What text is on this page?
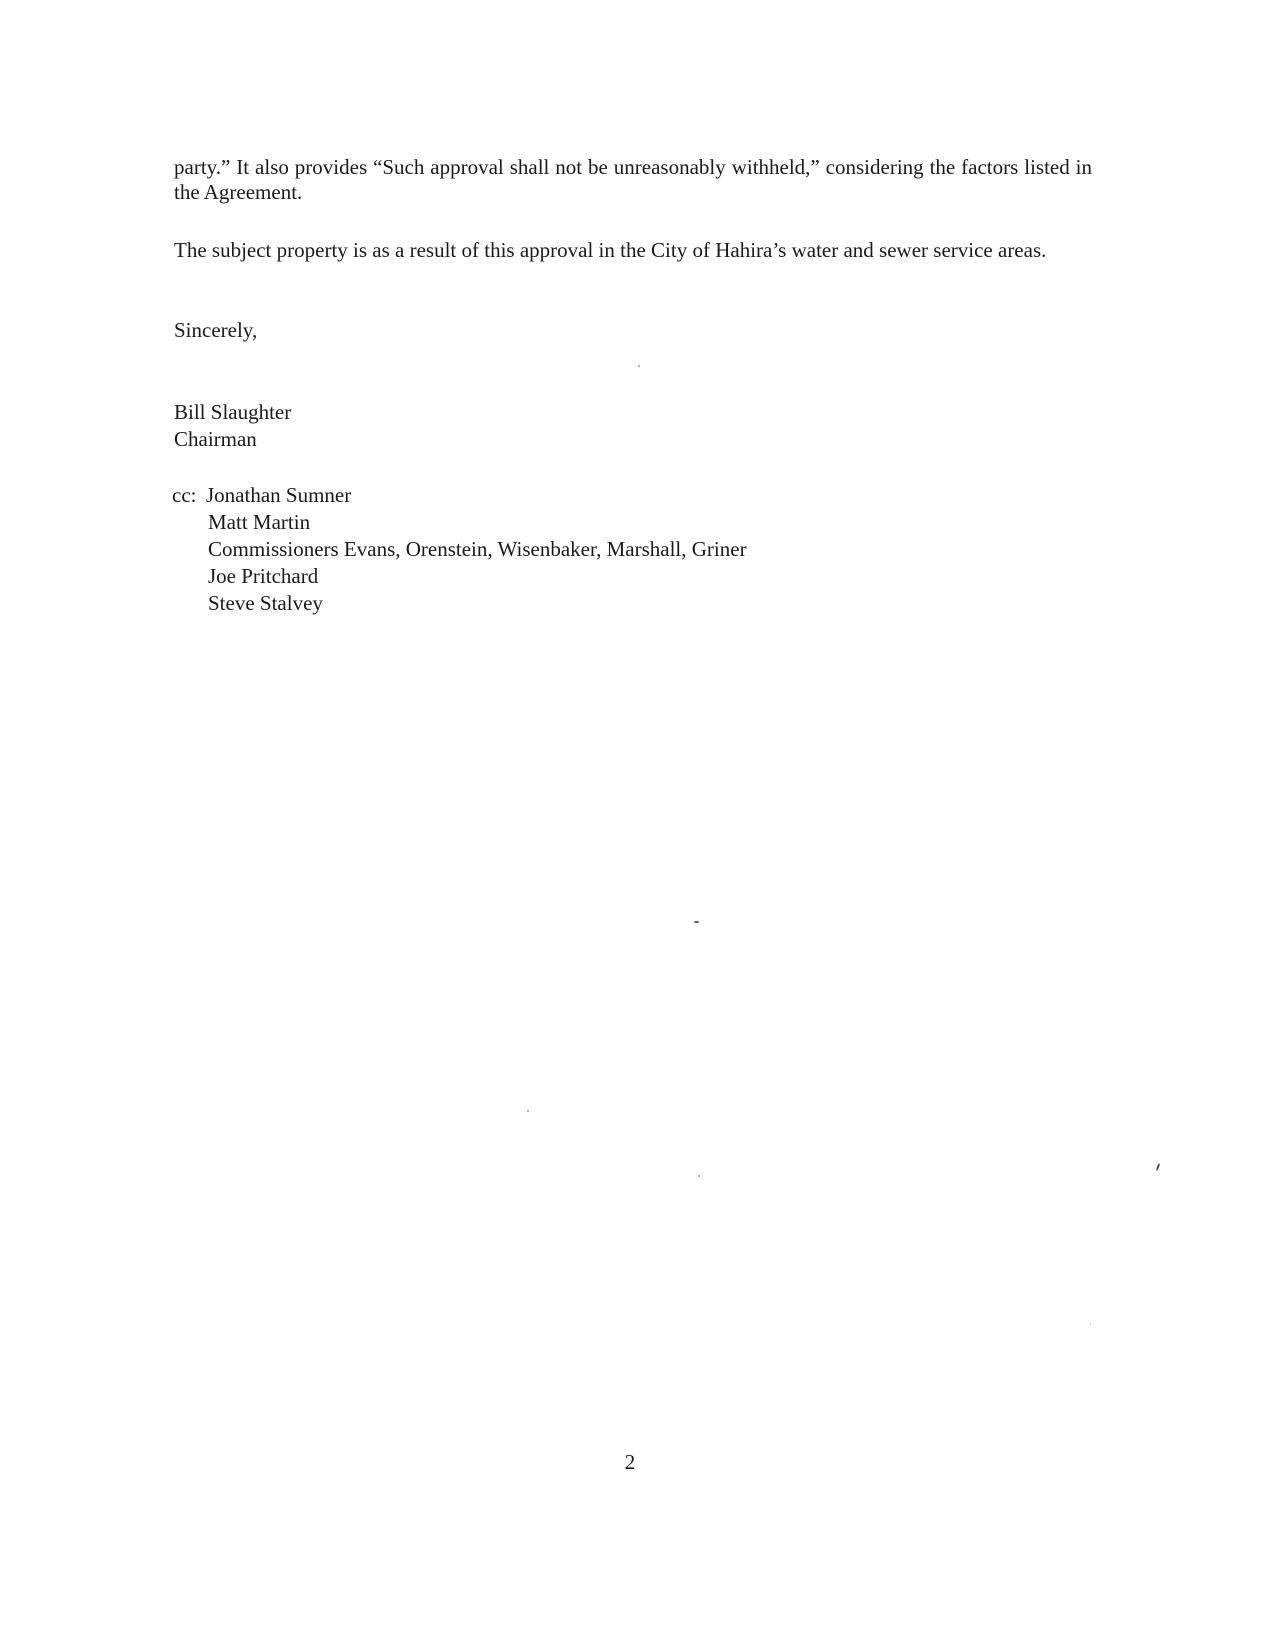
party.” It also provides “Such approval shall not be unreasonably withheld,” considering the factors listed in the Agreement.

The subject property is as a result of this approval in the City of Hahira’s water and sewer service areas.

Sincerely,
Bill Slaughter
Chairman
cc: Jonathan Sumner
Matt Martin
Commissioners Evans, Orenstein, Wisenbaker, Marshall, Griner
Joe Pritchard
Steve Stalvey
2
